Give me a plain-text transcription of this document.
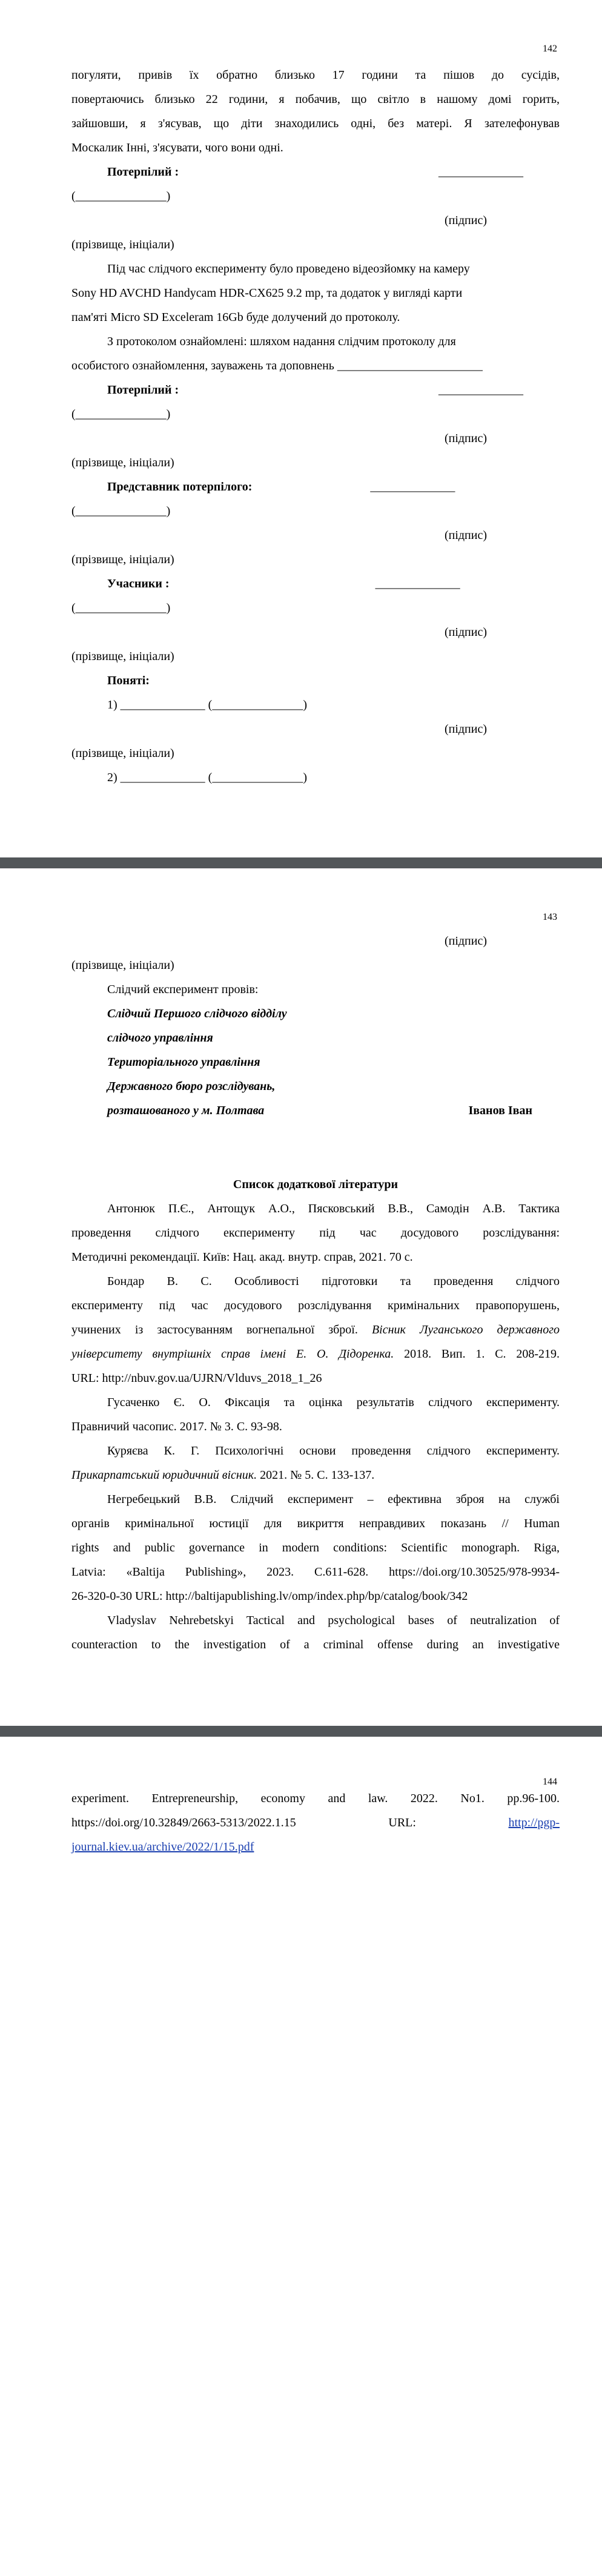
142

погуляти, привів їх обратно близько 17 години та пішов до сусідів,

повертаючись близько 22 години, я побачив, що світло в нашому домі горить,

зайшовши, я з'ясував, що діти знаходились одні, без матері. Я зателефонував

Москалик Інні, з'ясувати, чого вони одні.

Потерпілий :	______________

(_______________)

(підпис)

(прізвище, ініціали)

Під час слідчого експерименту було проведено відеозйомку на камеру

Sony HD AVCHD Handycam HDR-CX625 9.2 mp, та додаток у вигляді карти

пам'яті Micro SD Exceleram 16Gb буде долучений до протоколу.

З протоколом ознайомлені: шляхом надання слідчим протоколу для

особистого ознайомлення, зауважень та доповнень ________________________

Потерпілий :	______________

(_______________)

(підпис)

(прізвище, ініціали)

Представник потерпілого:	______________

(_______________)

(підпис)

(прізвище, ініціали)

Учасники :	______________

(_______________)

(підпис)

(прізвище, ініціали)

Поняті:

1) ______________ (_______________)

(підпис)

(прізвище, ініціали)

2) ______________ (_______________)

143

(підпис)

(прізвище, ініціали)

Слідчий експеримент провів:

Слідчий Першого слідчого відділу

слідчого управління

Територіального управління

Державного бюро розслідувань,

розташованого у м. Полтава	Іванов Іван

Список додаткової літератури

Антонюк П.Є., Антощук А.О., Пясковський В.В., Самодін А.В. Тактика

проведення слідчого експерименту під час досудового розслідування:

Методичні рекомендації. Київ: Нац. акад. внутр. справ, 2021. 70 с.

Бондар В. С. Особливості підготовки та проведення слідчого

експерименту під час досудового розслідування кримінальних правопорушень,

учинених із застосуванням вогнепальної зброї. Вісник Луганського державного

університету внутрішніх справ імені Е. О. Дідоренка. 2018. Вип. 1. С. 208-219.

URL: http://nbuv.gov.ua/UJRN/Vlduvs_2018_1_26

Гусаченко Є. О. Фіксація та оцінка результатів слідчого експерименту.

Правничий часопис. 2017. № 3. С. 93-98.

Куряєва К. Г. Психологічні основи проведення слідчого експерименту.

Прикарпатський юридичний вісник. 2021. № 5. С. 133-137.

Негребецький В.В. Слідчий експеримент – ефективна зброя на службі

органів кримінальної юстиції для викриття неправдивих показань // Human

rights and public governance in modern conditions: Scientific monograph. Riga,

Latvia: «Baltija Publishing», 2023. С.611-628. https://doi.org/10.30525/978-9934-

26-320-0-30 URL: http://baltijapublishing.lv/omp/index.php/bp/catalog/book/342

Vladyslav Nehrebetskyi Tactical and psychological bases of neutralization of

counteraction to the investigation of a criminal offense during an investigative

144

experiment. Entrepreneurship, economy and law. 2022. No1. pp.96-100.

https://doi.org/10.32849/2663-5313/2022.1.15	URL:	http://pgp-

journal.kiev.ua/archive/2022/1/15.pdf
